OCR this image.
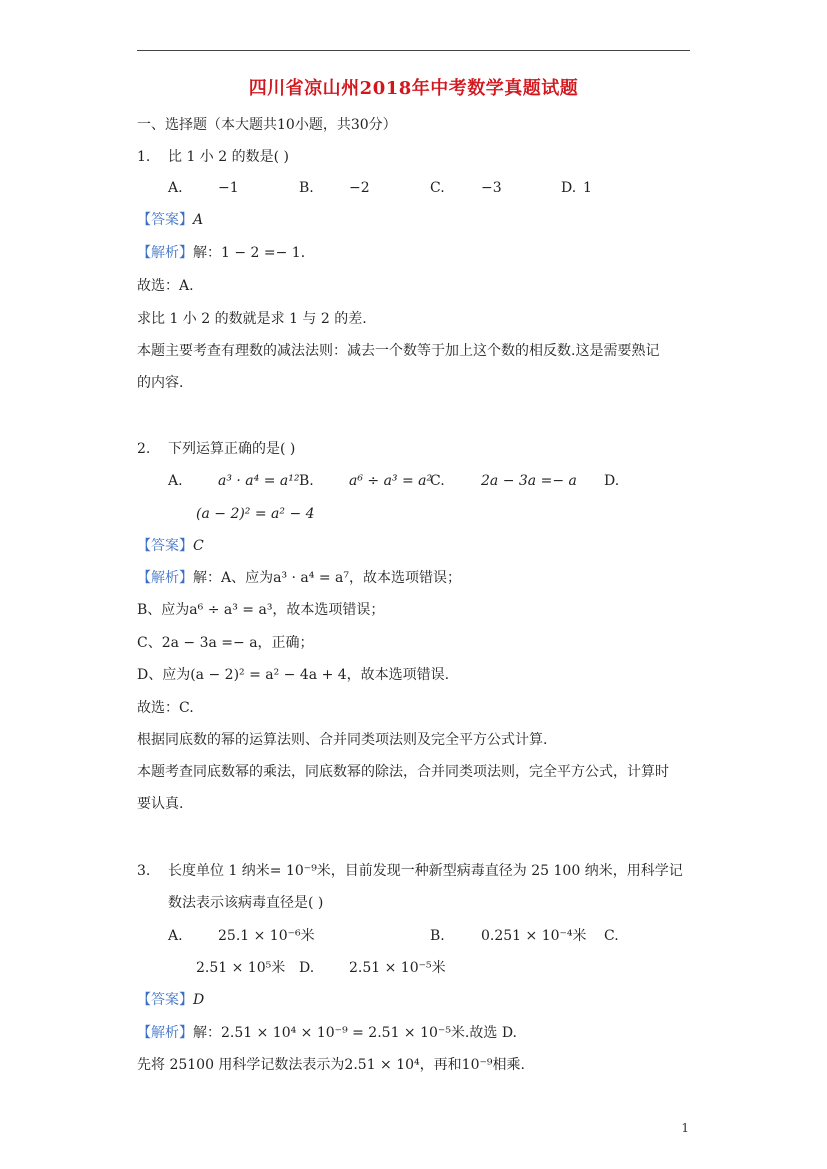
四川省凉山州2018年中考数学真题试题
一、选择题（本大题共10小题，共30分）
1. 比 1 小 2 的数是( )
A.	−1	B.	−2	C.	−3	D. 1
【答案】A
【解析】解：1 − 2 =− 1．
故选：A.
求比 1 小 2 的数就是求 1 与 2 的差.
本题主要考查有理数的减法法则：减去一个数等于加上这个数的相反数.这是需要熟记
的内容.
2. 下列运算正确的是( )
A.	a³ · a⁴ = a¹² B.	a⁶ ÷ a³ = a²
C.	2a − 3a =− a D.
(a − 2)² = a² − 4
【答案】C
【解析】解：A、应为a³ · a⁴ = a⁷，故本选项错误；
B、应为a⁶ ÷ a³ = a³，故本选项错误；
C、2a − 3a =− a，正确；
D、应为(a − 2)² = a² − 4a + 4，故本选项错误.
故选：C.
根据同底数的幂的运算法则、合并同类项法则及完全平方公式计算.
本题考查同底数幂的乘法，同底数幂的除法，合并同类项法则，完全平方公式，计算时
要认真.
3. 长度单位 1 纳米= 10⁻⁹米，目前发现一种新型病毒直径为 25 100 纳米，用科学记
数法表示该病毒直径是( )
A.	25.1 × 10⁻⁶米	B.	0.251 × 10⁻⁴米 C.
2.51 × 10⁵米 D. 2.51 × 10⁻⁵米
【答案】D
【解析】解：2.51 × 10⁴ × 10⁻⁹ = 2.51 × 10⁻⁵米.故选 D.
先将 25100 用科学记数法表示为2.51 × 10⁴，再和10⁻⁹相乘.
1
